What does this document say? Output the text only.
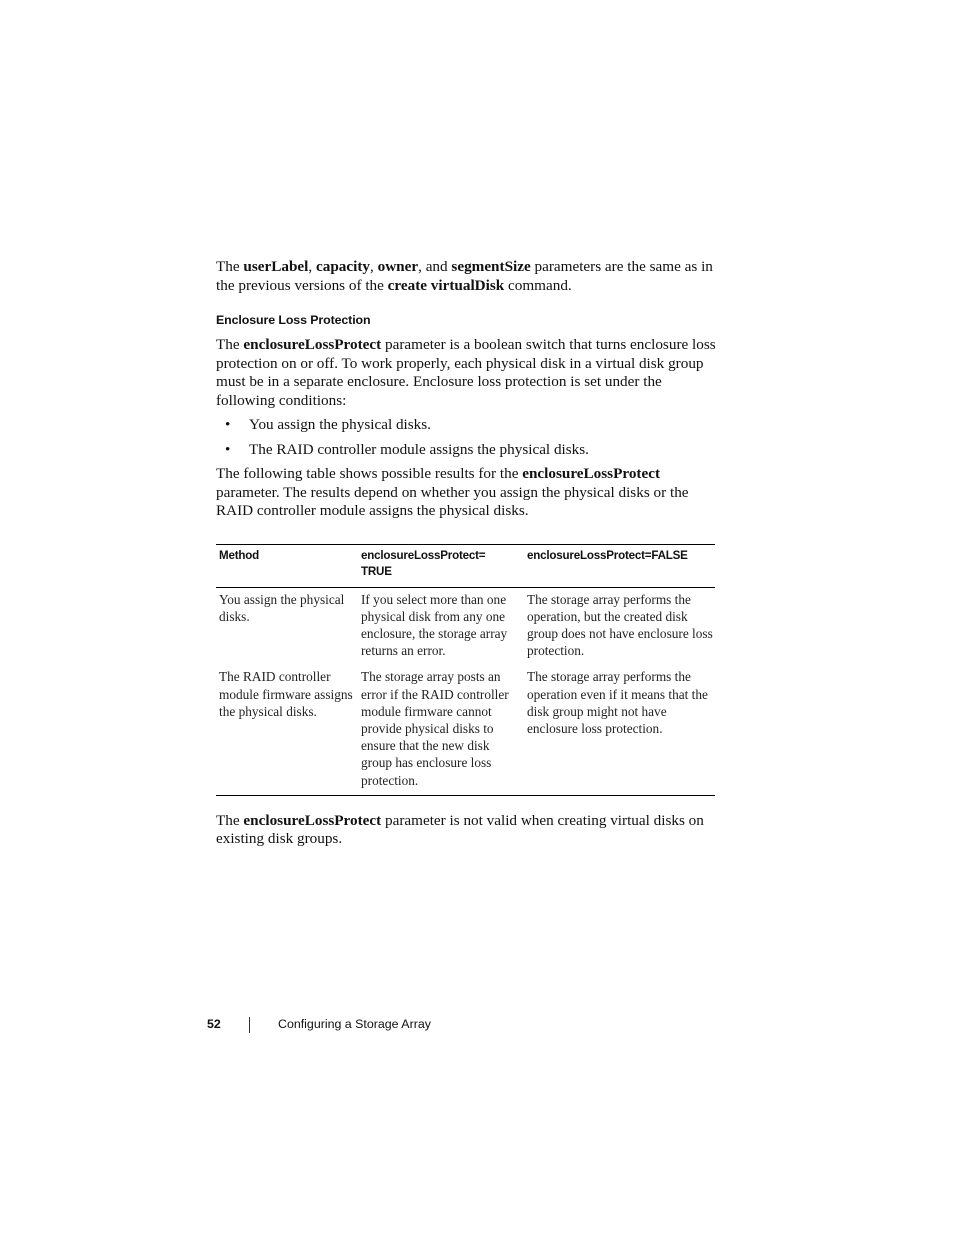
The userLabel, capacity, owner, and segmentSize parameters are the same as in the previous versions of the create virtualDisk command.

Enclosure Loss Protection

The enclosureLossProtect parameter is a boolean switch that turns enclosure loss protection on or off. To work properly, each physical disk in a virtual disk group must be in a separate enclosure. Enclosure loss protection is set under the following conditions:

• You assign the physical disks.
• The RAID controller module assigns the physical disks.

The following table shows possible results for the enclosureLossProtect parameter. The results depend on whether you assign the physical disks or the RAID controller module assigns the physical disks.

Method	enclosureLossProtect= TRUE	enclosureLossProtect=FALSE
You assign the physical disks.	If you select more than one physical disk from any one enclosure, the storage array returns an error.	The storage array performs the operation, but the created disk group does not have enclosure loss protection.
The RAID controller module firmware assigns the physical disks.	The storage array posts an error if the RAID controller module firmware cannot provide physical disks to ensure that the new disk group has enclosure loss protection.	The storage array performs the operation even if it means that the disk group might not have enclosure loss protection.

The enclosureLossProtect parameter is not valid when creating virtual disks on existing disk groups.

52	Configuring a Storage Array
